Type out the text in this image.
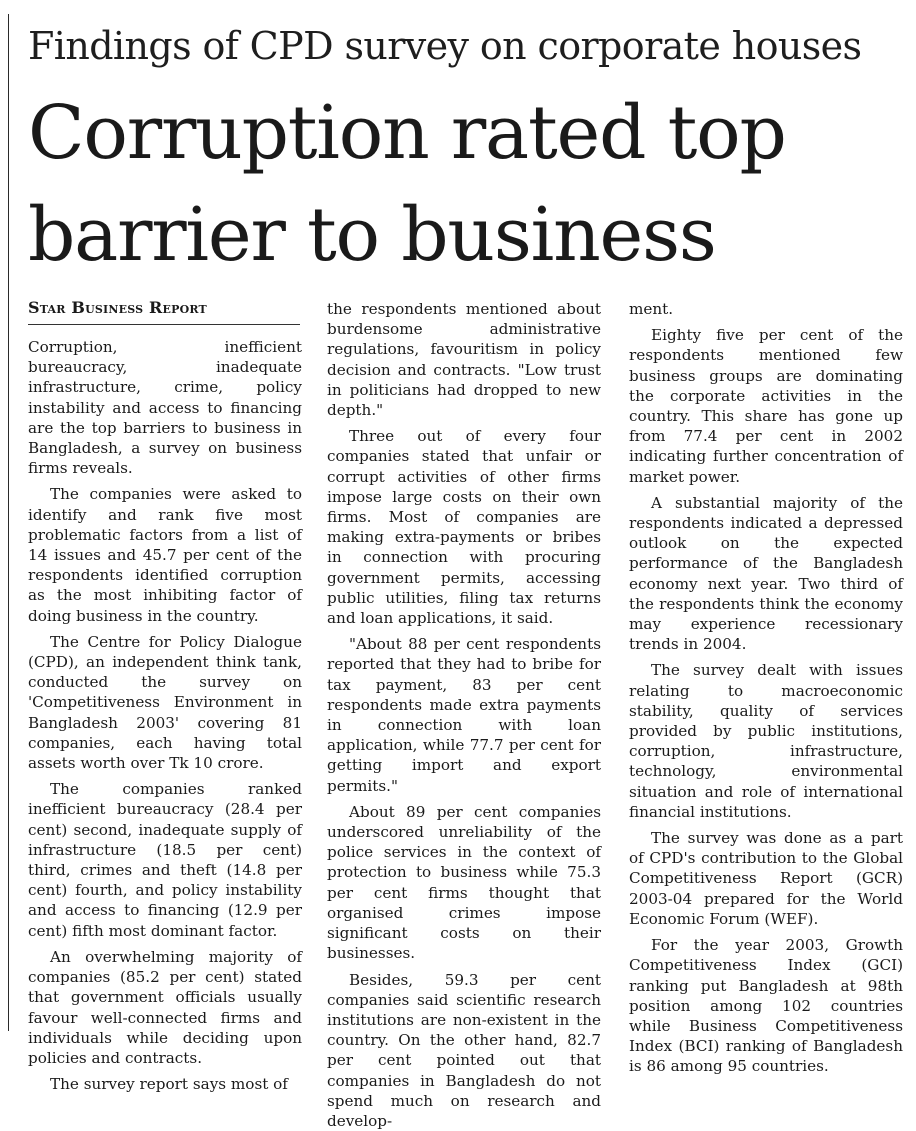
Findings of CPD survey on corporate houses
Corruption rated top
barrier to business
Star Business Report

Corruption, inefficient bureaucracy, inadequate infrastructure, crime, policy instability and access to financing are the top barriers to business in Bangladesh, a survey on business firms reveals.

The companies were asked to identify and rank five most problematic factors from a list of 14 issues and 45.7 per cent of the respondents identified corruption as the most inhibiting factor of doing business in the country.

The Centre for Policy Dialogue (CPD), an independent think tank, conducted the survey on 'Competitiveness Environment in Bangladesh 2003' covering 81 companies, each having total assets worth over Tk 10 crore.

The companies ranked inefficient bureaucracy (28.4 per cent) second, inadequate supply of infrastructure (18.5 per cent) third, crimes and theft (14.8 per cent) fourth, and policy instability and access to financing (12.9 per cent) fifth most dominant factor.

An overwhelming majority of companies (85.2 per cent) stated that government officials usually favour well-connected firms and individuals while deciding upon policies and contracts.

The survey report says most of

the respondents mentioned about burdensome administrative regulations, favouritism in policy decision and contracts. "Low trust in politicians had dropped to new depth."

Three out of every four companies stated that unfair or corrupt activities of other firms impose large costs on their own firms. Most of companies are making extra-payments or bribes in connection with procuring government permits, accessing public utilities, filing tax returns and loan applications, it said.

"About 88 per cent respondents reported that they had to bribe for tax payment, 83 per cent respondents made extra payments in connection with loan application, while 77.7 per cent for getting import and export permits."

About 89 per cent companies underscored unreliability of the police services in the context of protection to business while 75.3 per cent firms thought that organised crimes impose significant costs on their businesses.

Besides, 59.3 per cent companies said scientific research institutions are non-existent in the country. On the other hand, 82.7 per cent pointed out that companies in Bangladesh do not spend much on research and develop-

ment.

Eighty five per cent of the respondents mentioned few business groups are dominating the corporate activities in the country. This share has gone up from 77.4 per cent in 2002 indicating further concentration of market power.

A substantial majority of the respondents indicated a depressed outlook on the expected performance of the Bangladesh economy next year. Two third of the respondents think the economy may experience recessionary trends in 2004.

The survey dealt with issues relating to macroeconomic stability, quality of services provided by public institutions, corruption, infrastructure, technology, environmental situation and role of international financial institutions.

The survey was done as a part of CPD's contribution to the Global Competitiveness Report (GCR) 2003-04 prepared for the World Economic Forum (WEF).

For the year 2003, Growth Competitiveness Index (GCI) ranking put Bangladesh at 98th position among 102 countries while Business Competitiveness Index (BCI) ranking of Bangladesh is 86 among 95 countries.
